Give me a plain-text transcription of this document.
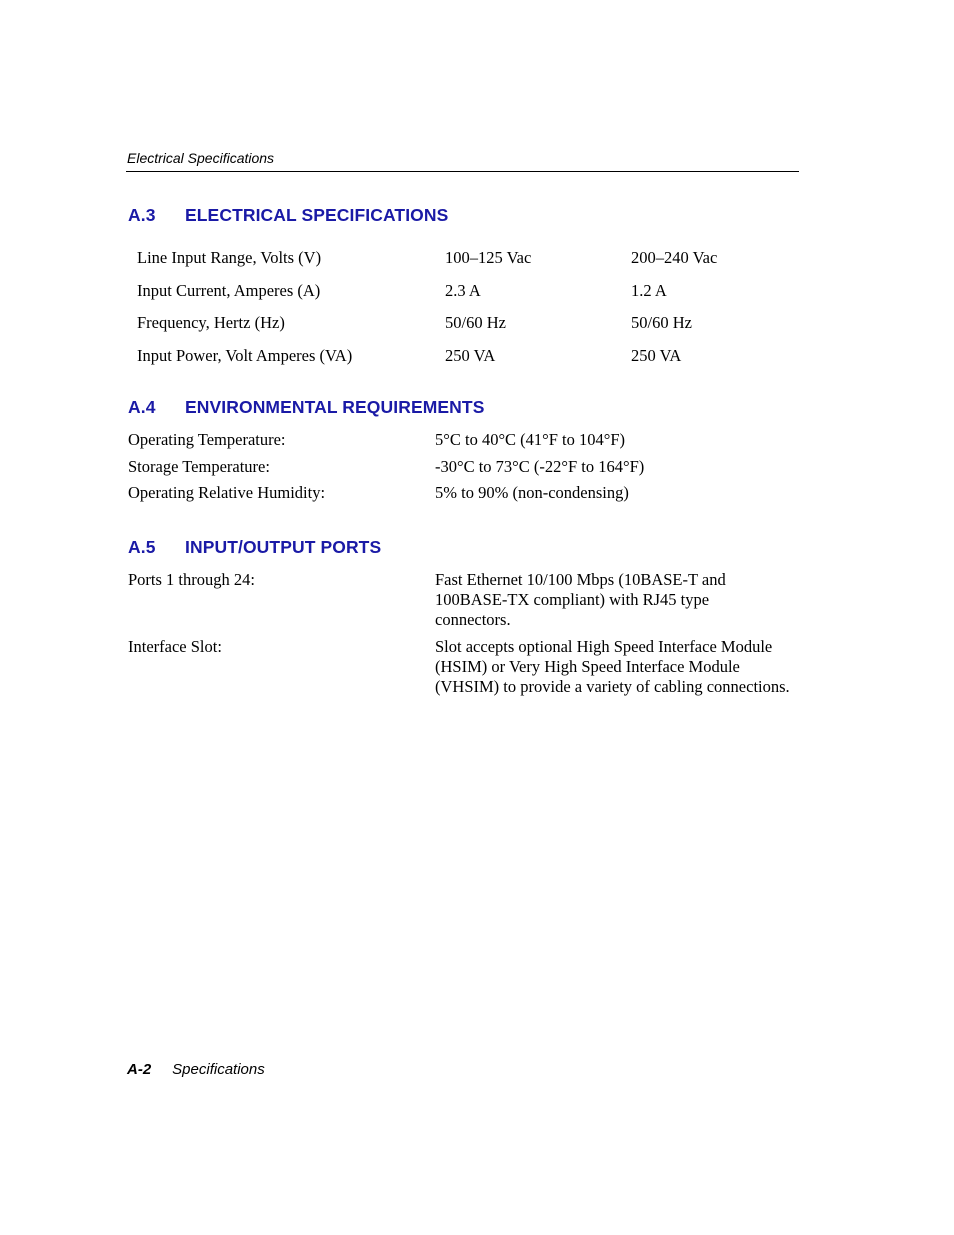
Electrical Specifications
A.3 ELECTRICAL SPECIFICATIONS
Line Input Range, Volts (V)	100–125 Vac	200–240 Vac
Input Current, Amperes (A)	2.3 A	1.2 A
Frequency, Hertz (Hz)	50/60 Hz	50/60 Hz
Input Power, Volt Amperes (VA)	250 VA	250 VA
A.4 ENVIRONMENTAL REQUIREMENTS
Operating Temperature:	5°C to 40°C (41°F to 104°F)
Storage Temperature:	-30°C to 73°C (-22°F to 164°F)
Operating Relative Humidity:	5% to 90% (non-condensing)
A.5 INPUT/OUTPUT PORTS
Ports 1 through 24:	Fast Ethernet 10/100 Mbps (10BASE-T and 100BASE-TX compliant) with RJ45 type connectors.
Interface Slot:	Slot accepts optional High Speed Interface Module (HSIM) or Very High Speed Interface Module (VHSIM) to provide a variety of cabling connections.
A-2 Specifications
